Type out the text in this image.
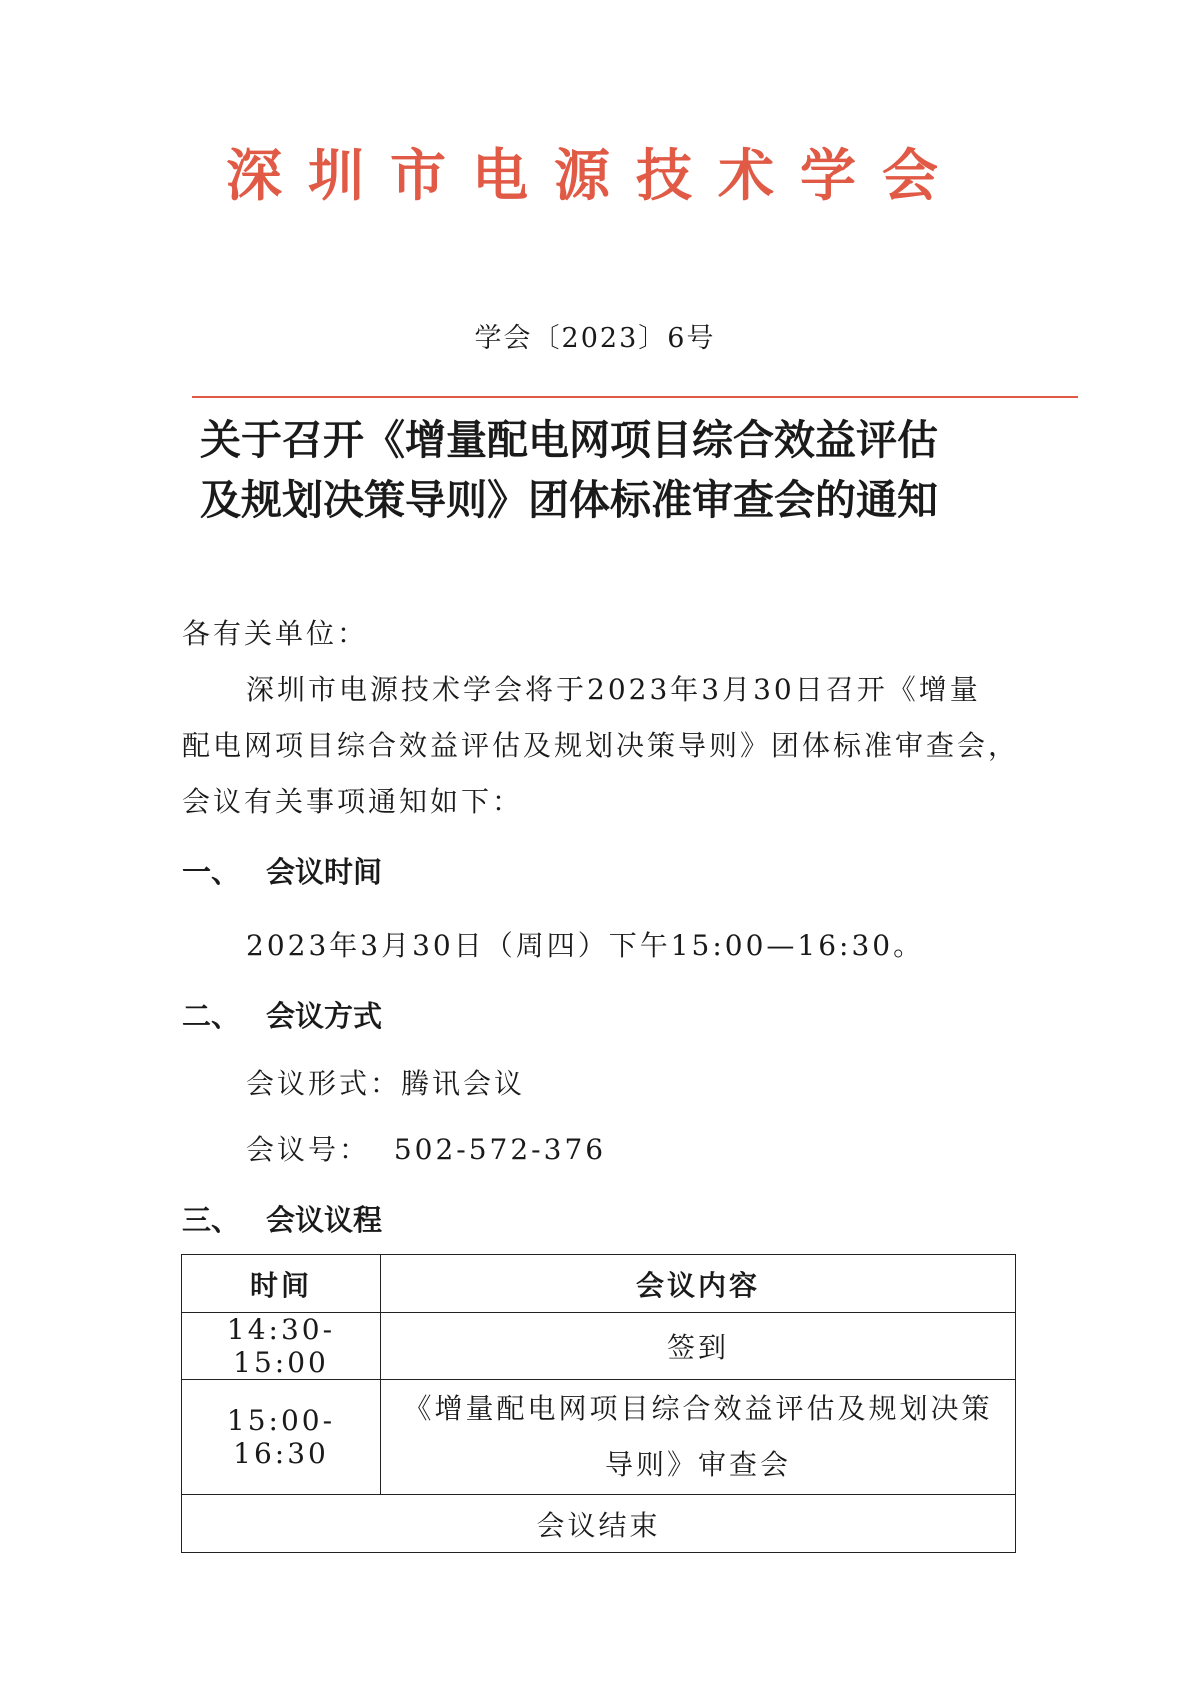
深圳市电源技术学会
学会〔2023〕6号
关于召开《增量配电网项目综合效益评估
及规划决策导则》团体标准审查会的通知
各有关单位：
深圳市电源技术学会将于2023年3月30日召开《增量
配电网项目综合效益评估及规划决策导则》团体标准审查会，
会议有关事项通知如下：
一、 会议时间
2023年3月30日（周四）下午15:00—16:30。
二、 会议方式
会议形式：腾讯会议
会议号： 502-572-376
三、 会议议程
时间	会议内容
14:30-15:00	签到
15:00-16:30	《增量配电网项目综合效益评估及规划决策
导则》审查会

会议结束	
